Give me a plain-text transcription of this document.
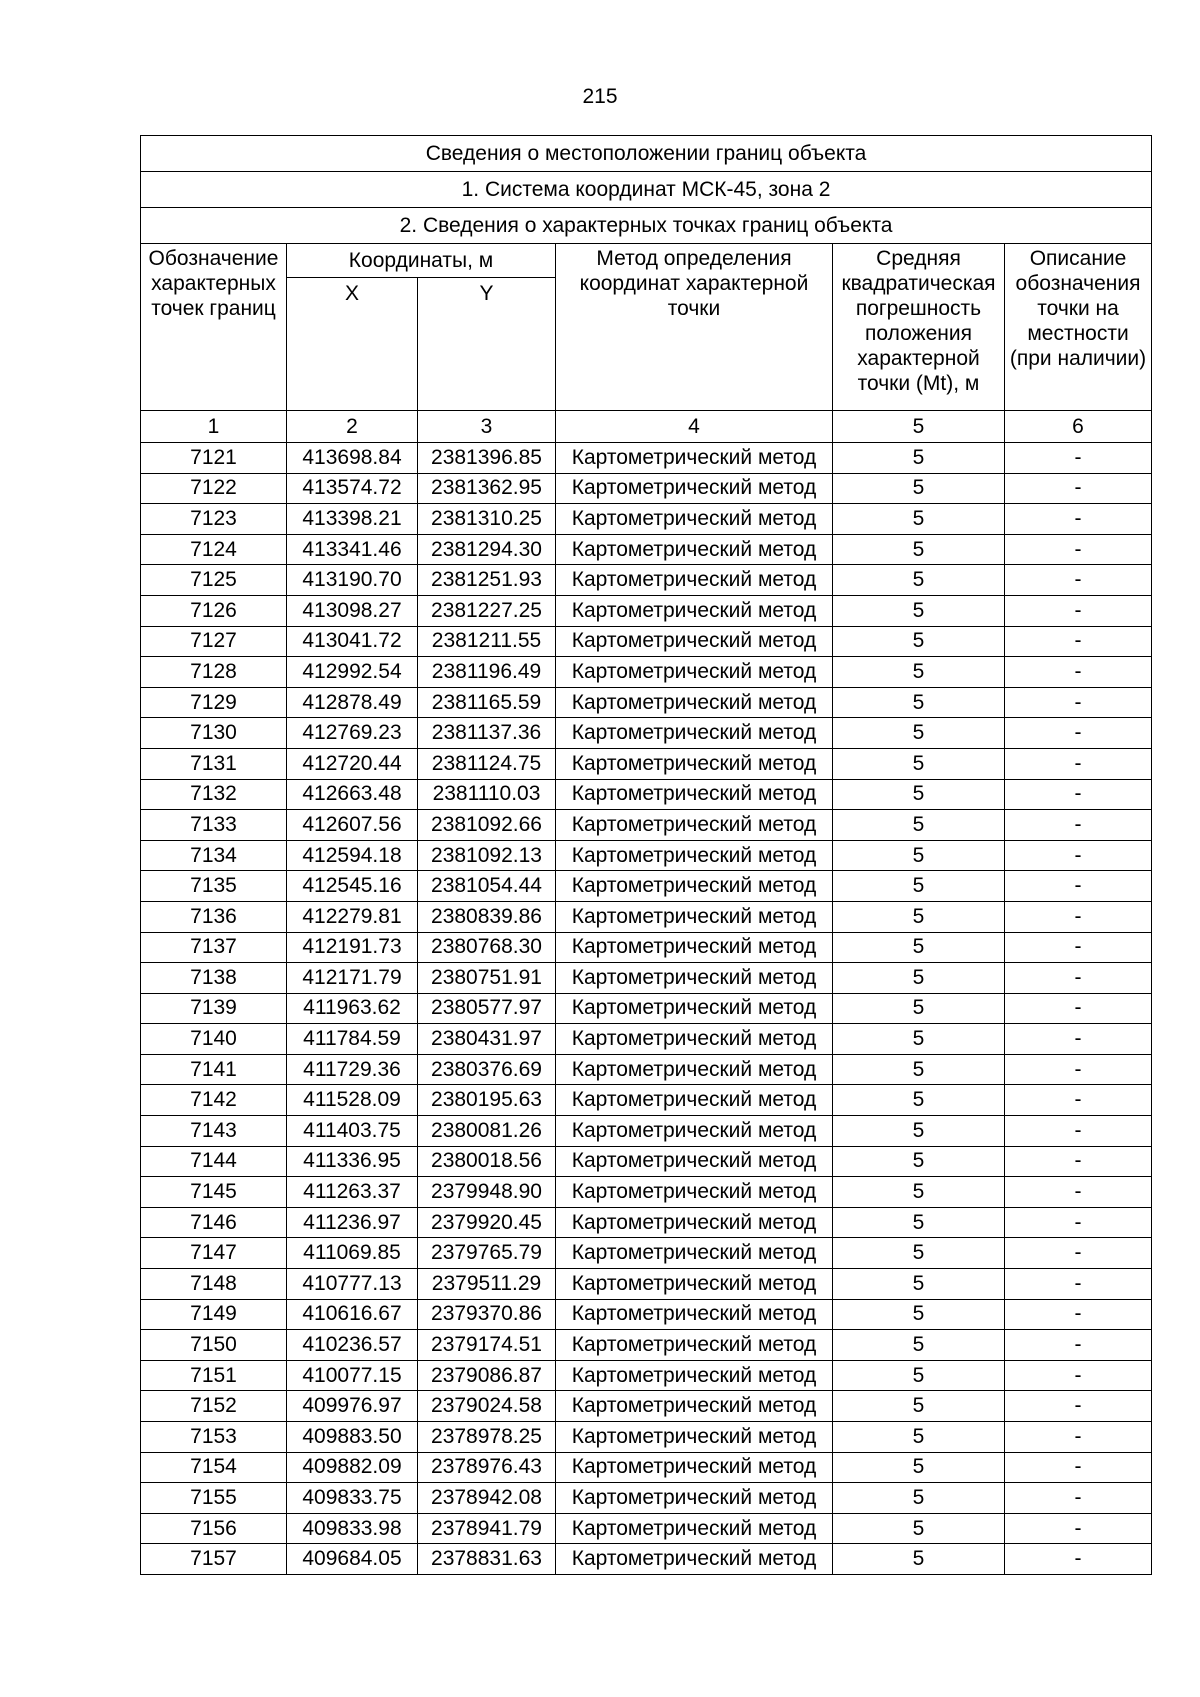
215
Сведения о местоположении границ объекта					
1. Система координат МСК-45, зона 2					
2. Сведения о характерных точках границ объекта					
Обозначение характерных точек границ	Координаты, м		Метод определения координат характерной точки	Средняя квадратическая погрешность положения характерной точки (Mt), м	Описание обозначения точки на местности (при наличии)
	X	Y			
1	2	3	4	5	6
7121	413698.84	2381396.85	Картометрический метод	5	-
7122	413574.72	2381362.95	Картометрический метод	5	-
7123	413398.21	2381310.25	Картометрический метод	5	-
7124	413341.46	2381294.30	Картометрический метод	5	-
7125	413190.70	2381251.93	Картометрический метод	5	-
7126	413098.27	2381227.25	Картометрический метод	5	-
7127	413041.72	2381211.55	Картометрический метод	5	-
7128	412992.54	2381196.49	Картометрический метод	5	-
7129	412878.49	2381165.59	Картометрический метод	5	-
7130	412769.23	2381137.36	Картометрический метод	5	-
7131	412720.44	2381124.75	Картометрический метод	5	-
7132	412663.48	2381110.03	Картометрический метод	5	-
7133	412607.56	2381092.66	Картометрический метод	5	-
7134	412594.18	2381092.13	Картометрический метод	5	-
7135	412545.16	2381054.44	Картометрический метод	5	-
7136	412279.81	2380839.86	Картометрический метод	5	-
7137	412191.73	2380768.30	Картометрический метод	5	-
7138	412171.79	2380751.91	Картометрический метод	5	-
7139	411963.62	2380577.97	Картометрический метод	5	-
7140	411784.59	2380431.97	Картометрический метод	5	-
7141	411729.36	2380376.69	Картометрический метод	5	-
7142	411528.09	2380195.63	Картометрический метод	5	-
7143	411403.75	2380081.26	Картометрический метод	5	-
7144	411336.95	2380018.56	Картометрический метод	5	-
7145	411263.37	2379948.90	Картометрический метод	5	-
7146	411236.97	2379920.45	Картометрический метод	5	-
7147	411069.85	2379765.79	Картометрический метод	5	-
7148	410777.13	2379511.29	Картометрический метод	5	-
7149	410616.67	2379370.86	Картометрический метод	5	-
7150	410236.57	2379174.51	Картометрический метод	5	-
7151	410077.15	2379086.87	Картометрический метод	5	-
7152	409976.97	2379024.58	Картометрический метод	5	-
7153	409883.50	2378978.25	Картометрический метод	5	-
7154	409882.09	2378976.43	Картометрический метод	5	-
7155	409833.75	2378942.08	Картометрический метод	5	-
7156	409833.98	2378941.79	Картометрический метод	5	-
7157	409684.05	2378831.63	Картометрический метод	5	-
